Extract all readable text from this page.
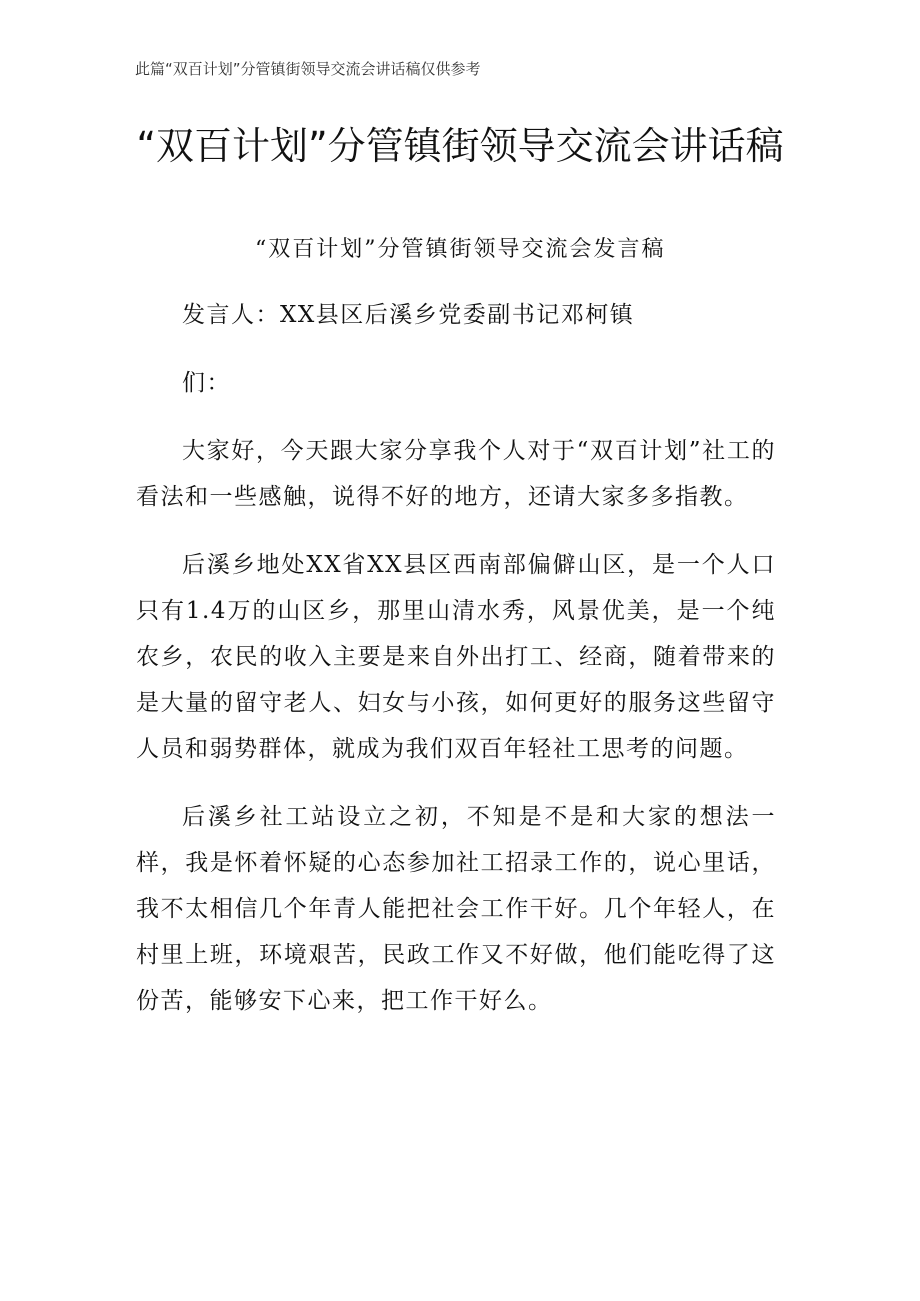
此篇“双百计划”分管镇街领导交流会讲话稿仅供参考
“双百计划”分管镇街领导交流会讲话稿
“双百计划”分管镇街领导交流会发言稿

发言人：XX县区后溪乡党委副书记邓柯镇

们：

大家好，今天跟大家分享我个人对于“双百计划”社工的看法和一些感触，说得不好的地方，还请大家多多指教。

后溪乡地处XX省XX县区西南部偏僻山区，是一个人口只有1.4万的山区乡，那里山清水秀，风景优美，是一个纯农乡，农民的收入主要是来自外出打工、经商，随着带来的是大量的留守老人、妇女与小孩，如何更好的服务这些留守人员和弱势群体，就成为我们双百年轻社工思考的问题。

后溪乡社工站设立之初，不知是不是和大家的想法一样，我是怀着怀疑的心态参加社工招录工作的，说心里话，我不太相信几个年青人能把社会工作干好。几个年轻人，在村里上班，环境艰苦，民政工作又不好做，他们能吃得了这份苦，能够安下心来，把工作干好么。
